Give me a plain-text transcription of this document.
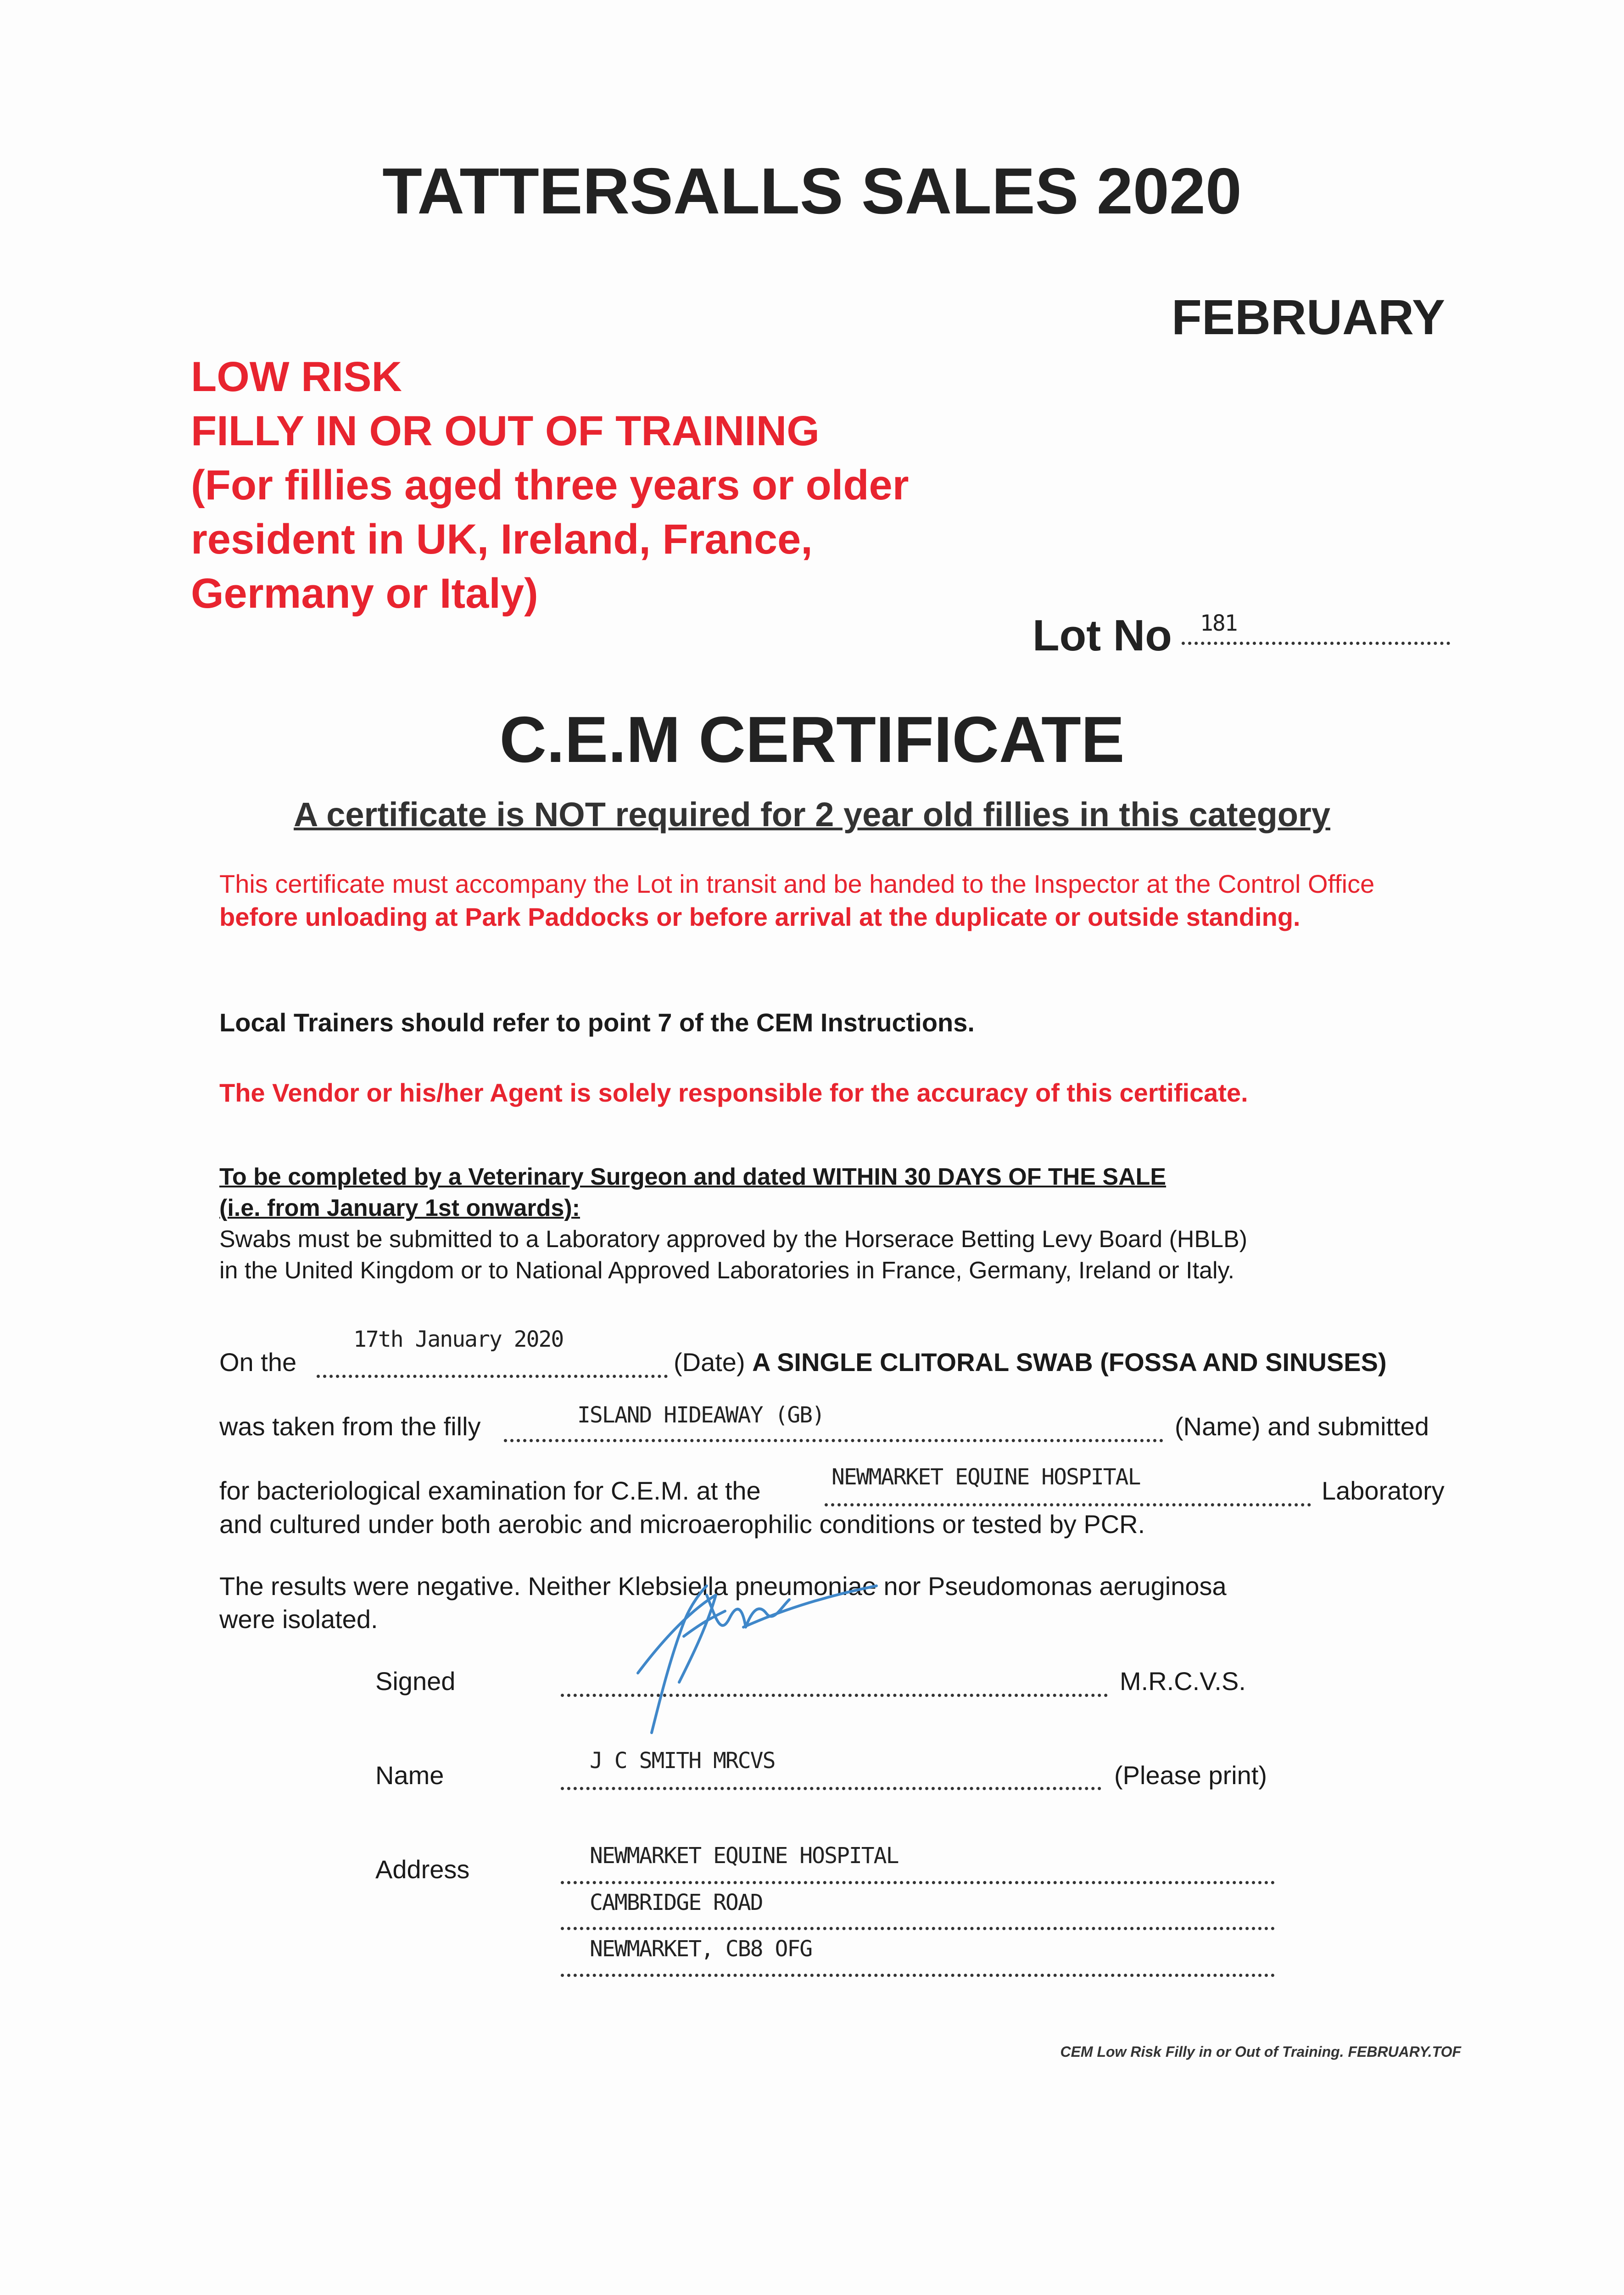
TATTERSALLS SALES 2020
FEBRUARY
LOW RISK
FILLY IN OR OUT OF TRAINING
(For fillies aged three years or older
resident in UK, Ireland, France,
Germany or Italy)
Lot No 181
C.E.M CERTIFICATE
A certificate is NOT required for 2 year old fillies in this category
This certificate must accompany the Lot in transit and be handed to the Inspector at the Control Office before unloading at Park Paddocks or before arrival at the duplicate or outside standing.
Local Trainers should refer to point 7 of the CEM Instructions.
The Vendor or his/her Agent is solely responsible for the accuracy of this certificate.
To be completed by a Veterinary Surgeon and dated WITHIN 30 DAYS OF THE SALE
(i.e. from January 1st onwards):
Swabs must be submitted to a Laboratory approved by the Horserace Betting Levy Board (HBLB)
in the United Kingdom or to National Approved Laboratories in France, Germany, Ireland or Italy.
On the
17th January 2020
(Date) A SINGLE CLITORAL SWAB (FOSSA AND SINUSES)
was taken from the filly	ISLAND HIDEAWAY (GB)	(Name) and submitted
for bacteriological examination for C.E.M. at the	NEWMARKET EQUINE HOSPITAL	Laboratory
and cultured under both aerobic and microaerophilic conditions or tested by PCR.
The results were negative. Neither Klebsiella pneumoniae nor Pseudomonas aeruginosa
were isolated.
Signed	M.R.C.V.S.
Name	J C SMITH MRCVS	(Please print)
Address	NEWMARKET EQUINE HOSPITAL
CAMBRIDGE ROAD
NEWMARKET, CB8 OFG
CEM Low Risk Filly in or Out of Training. FEBRUARY.TOF
